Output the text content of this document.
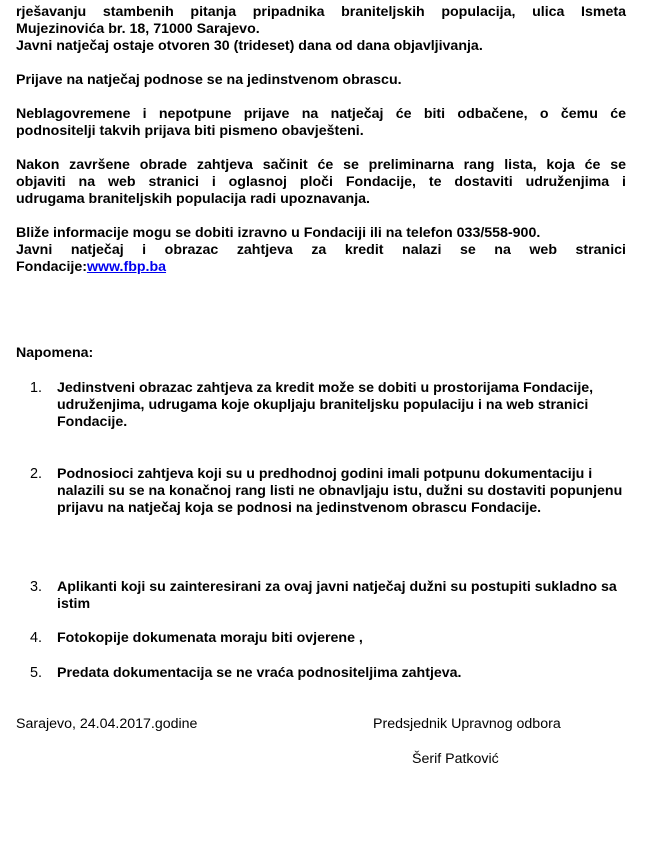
rješavanju stambenih pitanja pripadnika braniteljskih populacija, ulica Ismeta
Mujezinovića br. 18, 71000 Sarajevo.
Javni natječaj ostaje otvoren 30 (trideset) dana od dana objavljivanja.
Prijave na natječaj podnose se na jedinstvenom obrascu.
Neblagovremene i nepotpune prijave na natječaj će biti odbačene, o čemu će
podnositelji takvih prijava biti pismeno obavješteni.
Nakon završene obrade zahtjeva sačinit će se preliminarna rang lista, koja će se
objaviti na web stranici i oglasnoj ploči Fondacije, te dostaviti udruženjima i
udrugama braniteljskih populacija radi upoznavanja.
Bliže informacije mogu se dobiti izravno u Fondaciji ili na telefon 033/558-900.
Javni natječaj i obrazac zahtjeva za kredit nalazi se na web stranici
Fondacije:www.fbp.ba
Napomena:
1. Jedinstveni obrazac zahtjeva za kredit može se dobiti u prostorijama Fondacije, udruženjima, udrugama koje okupljaju braniteljsku populaciju i na web stranici Fondacije.
2. Podnosioci zahtjeva koji su u predhodnoj godini imali potpunu dokumentaciju i nalazili su se na konačnoj rang listi ne obnavljaju istu, dužni su dostaviti popunjenu prijavu na natječaj koja se podnosi na jedinstvenom obrascu Fondacije.
3. Aplikanti koji su zainteresirani za ovaj javni natječaj dužni su postupiti sukladno sa istim
4. Fotokopije dokumenata moraju biti ovjerene ,
5. Predata dokumentacija se ne vraća podnositeljima zahtjeva.
Sarajevo, 24.04.2017.godine	Predsjednik Upravnog odbora
Šerif Patković
